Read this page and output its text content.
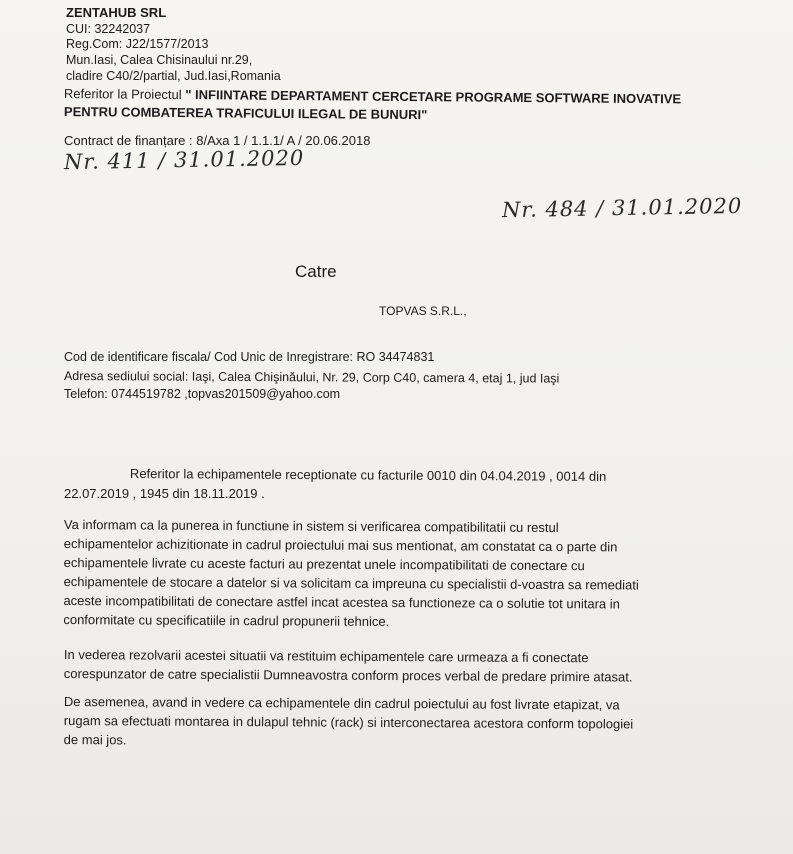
ZENTAHUB SRL
CUI: 32242037
Reg.Com: J22/1577/2013
Mun.Iasi, Calea Chisinaului nr.29,
cladire C40/2/partial, Jud.Iasi,Romania
Referitor la Proiectul " INFIINTARE DEPARTAMENT CERCETARE PROGRAME SOFTWARE INOVATIVE
PENTRU COMBATEREA TRAFICULUI ILEGAL DE BUNURI"
Contract de finanțare : 8/Axa 1 / 1.1.1/ A / 20.06.2018
Nr. 411 / 31.01.2020
Nr. 484 / 31.01.2020
Catre
TOPVAS S.R.L.,
Cod de identificare fiscala/ Cod Unic de Inregistrare: RO 34474831
Adresa sediului social: Iaşi, Calea Chişinăului, Nr. 29, Corp C40, camera 4, etaj 1, jud Iaşi
Telefon: 0744519782 ,topvas201509@yahoo.com
Referitor la echipamentele receptionate cu facturile 0010 din 04.04.2019 , 0014 din
22.07.2019 , 1945 din 18.11.2019 .
Va informam ca la punerea in functiune in sistem si verificarea compatibilitatii cu restul
echipamentelor achizitionate in cadrul proiectului mai sus mentionat, am constatat ca o parte din
echipamentele livrate cu aceste facturi au prezentat unele incompatibilitati de conectare cu
echipamentele de stocare a datelor si va solicitam ca impreuna cu specialistii d-voastra sa remediati
aceste incompatibilitati de conectare astfel incat acestea sa functioneze ca o solutie tot unitara in
conformitate cu specificatiile in cadrul propunerii tehnice.
In vederea rezolvarii acestei situatii va restituim echipamentele care urmeaza a fi conectate
corespunzator de catre specialistii Dumneavostra conform proces verbal de predare primire atasat.
De asemenea, avand in vedere ca echipamentele din cadrul poiectului au fost livrate etapizat, va
rugam sa efectuati montarea in dulapul tehnic (rack) si interconectarea acestora conform topologiei
de mai jos.
